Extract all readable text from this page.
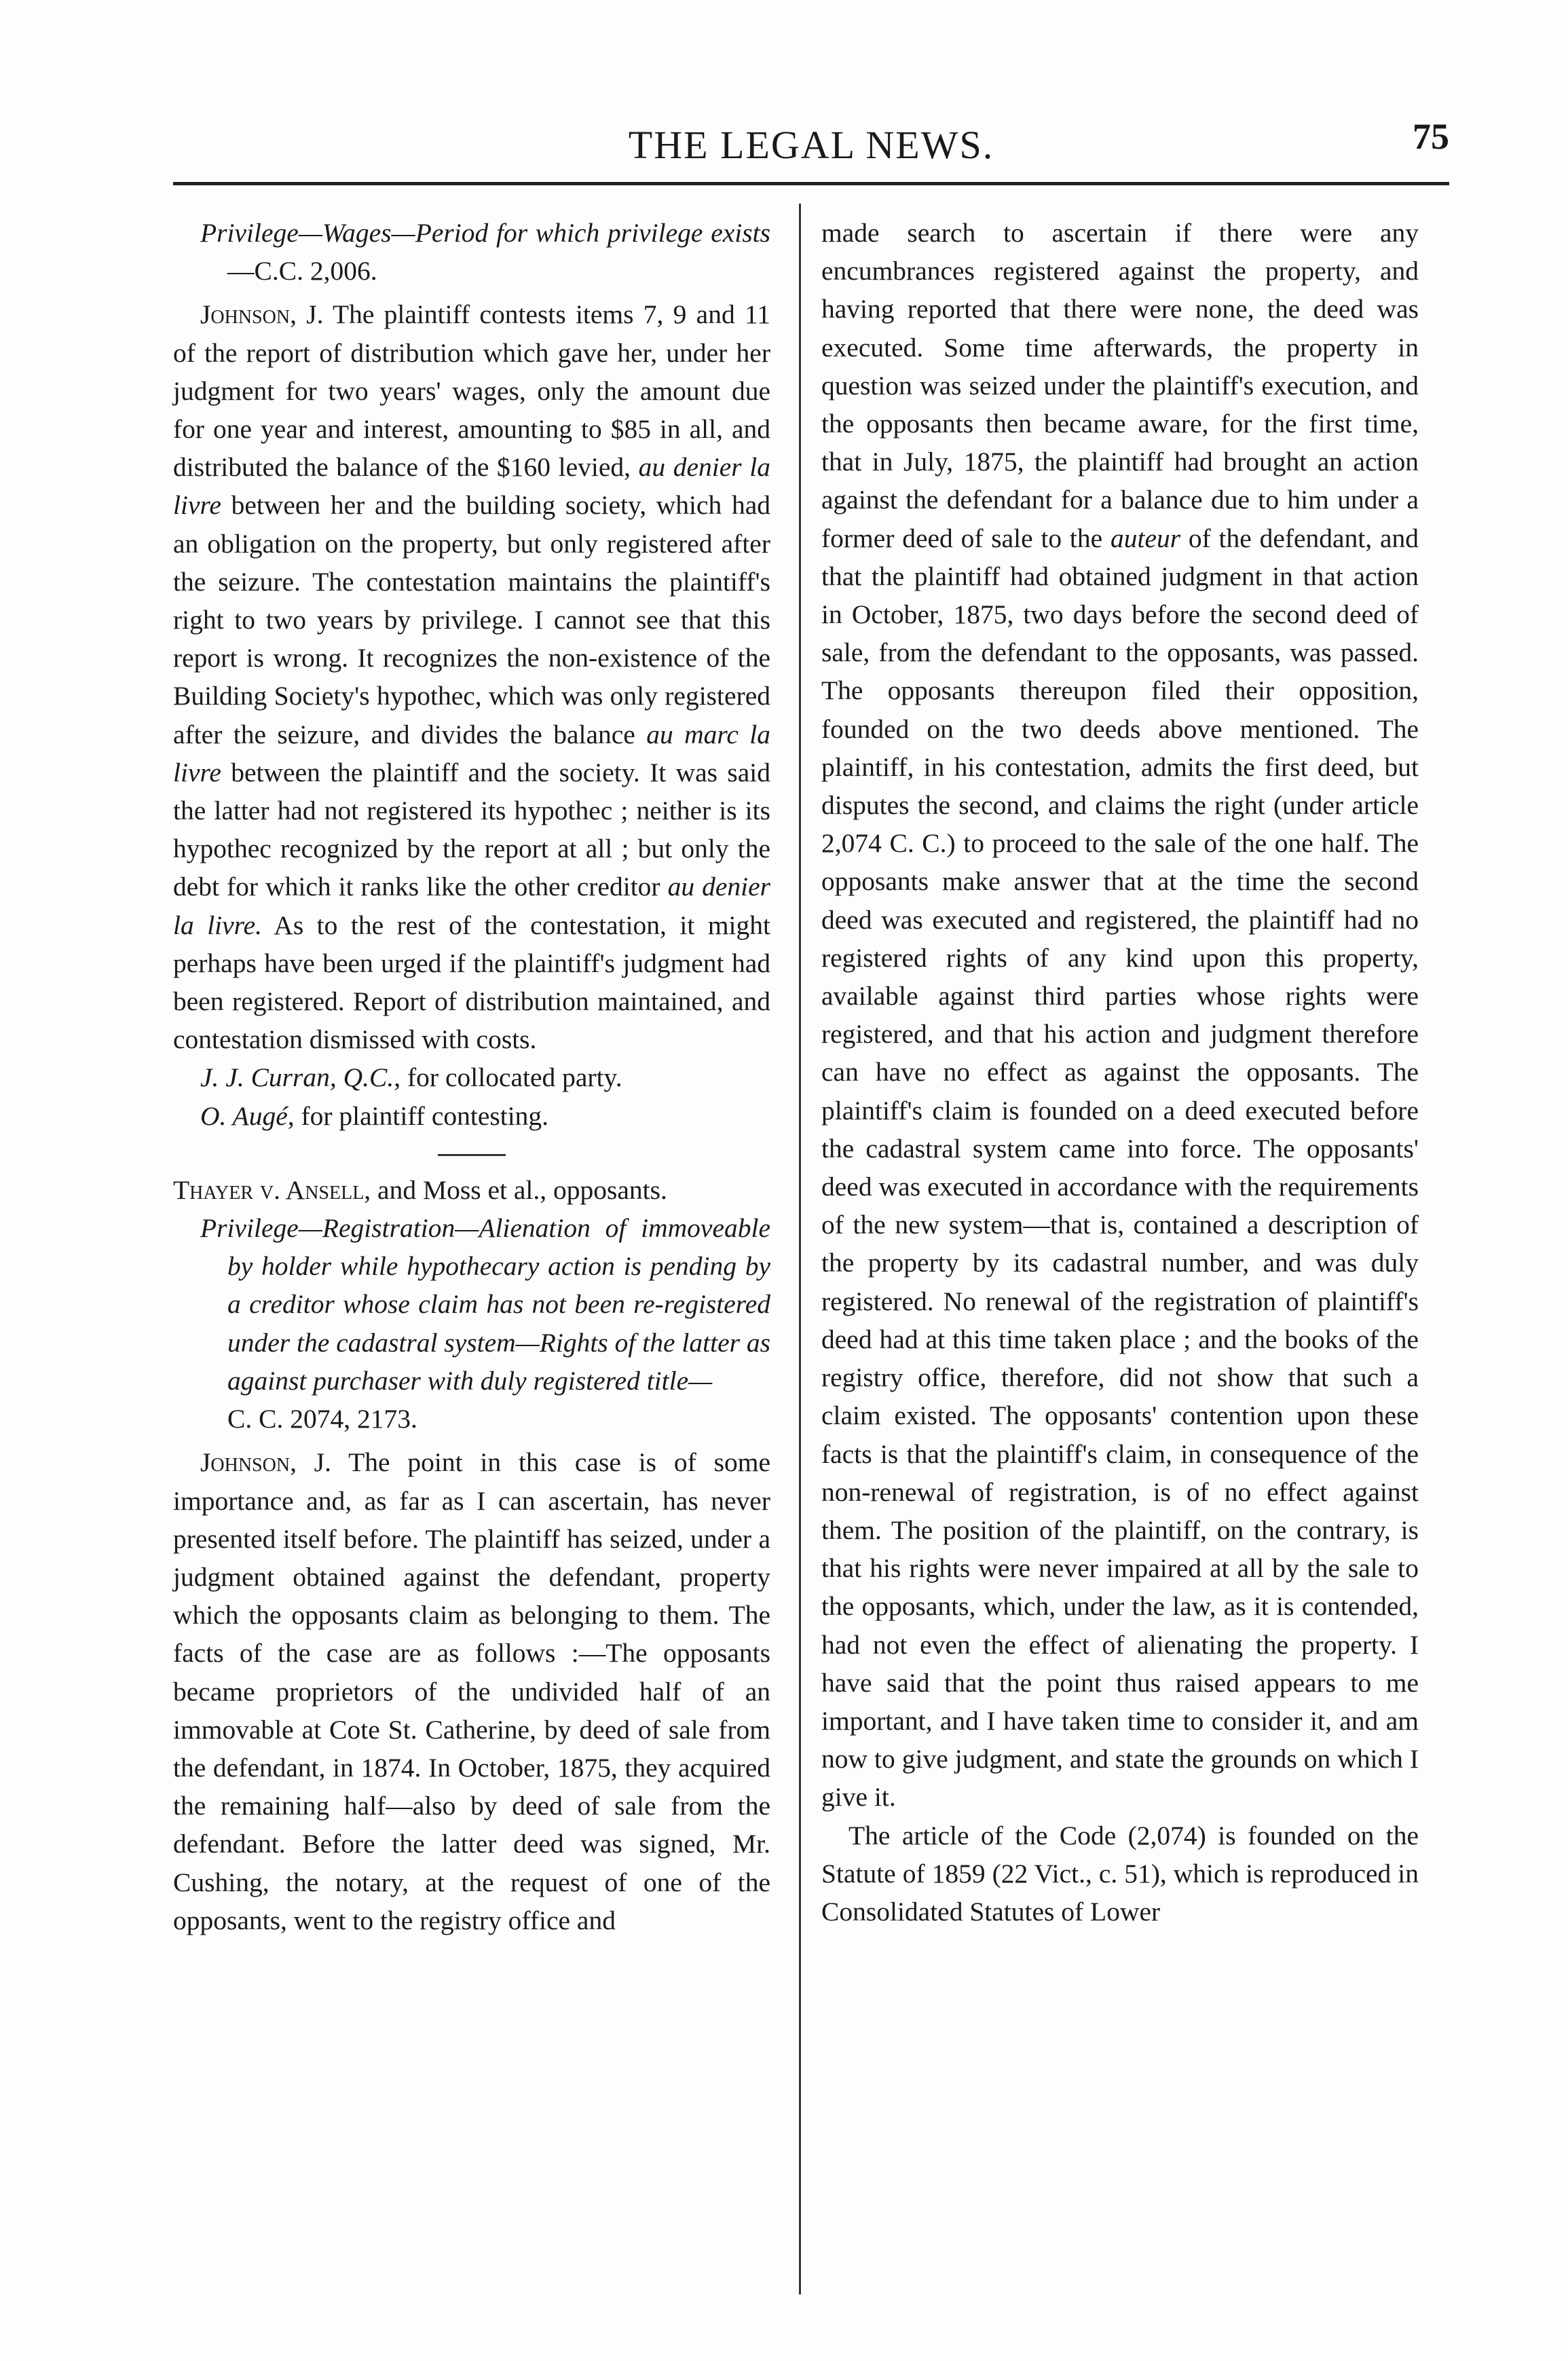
THE LEGAL NEWS.	75

Privilege—Wages—Period for which privilege exists—C.C. 2,006.

Johnson, J. The plaintiff contests items 7, 9 and 11 of the report of distribution which gave her, under her judgment for two years' wages, only the amount due for one year and interest, amounting to $85 in all, and distributed the balance of the $160 levied, au denier la livre between her and the building society, which had an obligation on the property, but only registered after the seizure. The contestation maintains the plaintiff's right to two years by privilege. I cannot see that this report is wrong. It recognizes the non-existence of the Building Society's hypothec, which was only registered after the seizure, and divides the balance au marc la livre between the plaintiff and the society. It was said the latter had not registered its hypothec ; neither is its hypothec recognized by the report at all ; but only the debt for which it ranks like the other creditor au denier la livre. As to the rest of the contestation, it might perhaps have been urged if the plaintiff's judgment had been registered. Report of distribution maintained, and contestation dismissed with costs.

J. J. Curran, Q.C., for collocated party.

O. Augé, for plaintiff contesting.

Thayer v. Ansell, and Moss et al., opposants.

Privilege—Registration—Alienation of immoveable by holder while hypothecary action is pending by a creditor whose claim has not been re-registered under the cadastral system—Rights of the latter as against purchaser with duly registered title—
C. C. 2074, 2173.

Johnson, J. The point in this case is of some importance and, as far as I can ascertain, has never presented itself before. The plaintiff has seized, under a judgment obtained against the defendant, property which the opposants claim as belonging to them. The facts of the case are as follows :—The opposants became proprietors of the undivided half of an immovable at Cote St. Catherine, by deed of sale from the defendant, in 1874. In October, 1875, they acquired the remaining half—also by deed of sale from the defendant. Before the latter deed was signed, Mr. Cushing, the notary, at the request of one of the opposants, went to the registry office and

made search to ascertain if there were any encumbrances registered against the property, and having reported that there were none, the deed was executed. Some time afterwards, the property in question was seized under the plaintiff's execution, and the opposants then became aware, for the first time, that in July, 1875, the plaintiff had brought an action against the defendant for a balance due to him under a former deed of sale to the auteur of the defendant, and that the plaintiff had obtained judgment in that action in October, 1875, two days before the second deed of sale, from the defendant to the opposants, was passed. The opposants thereupon filed their opposition, founded on the two deeds above mentioned. The plaintiff, in his contestation, admits the first deed, but disputes the second, and claims the right (under article 2,074 C. C.) to proceed to the sale of the one half. The opposants make answer that at the time the second deed was executed and registered, the plaintiff had no registered rights of any kind upon this property, available against third parties whose rights were registered, and that his action and judgment therefore can have no effect as against the opposants. The plaintiff's claim is founded on a deed executed before the cadastral system came into force. The opposants' deed was executed in accordance with the requirements of the new system—that is, contained a description of the property by its cadastral number, and was duly registered. No renewal of the registration of plaintiff's deed had at this time taken place ; and the books of the registry office, therefore, did not show that such a claim existed. The opposants' contention upon these facts is that the plaintiff's claim, in consequence of the non-renewal of registration, is of no effect against them. The position of the plaintiff, on the contrary, is that his rights were never impaired at all by the sale to the opposants, which, under the law, as it is contended, had not even the effect of alienating the property. I have said that the point thus raised appears to me important, and I have taken time to consider it, and am now to give judgment, and state the grounds on which I give it.

The article of the Code (2,074) is founded on the Statute of 1859 (22 Vict., c. 51), which is reproduced in Consolidated Statutes of Lower
